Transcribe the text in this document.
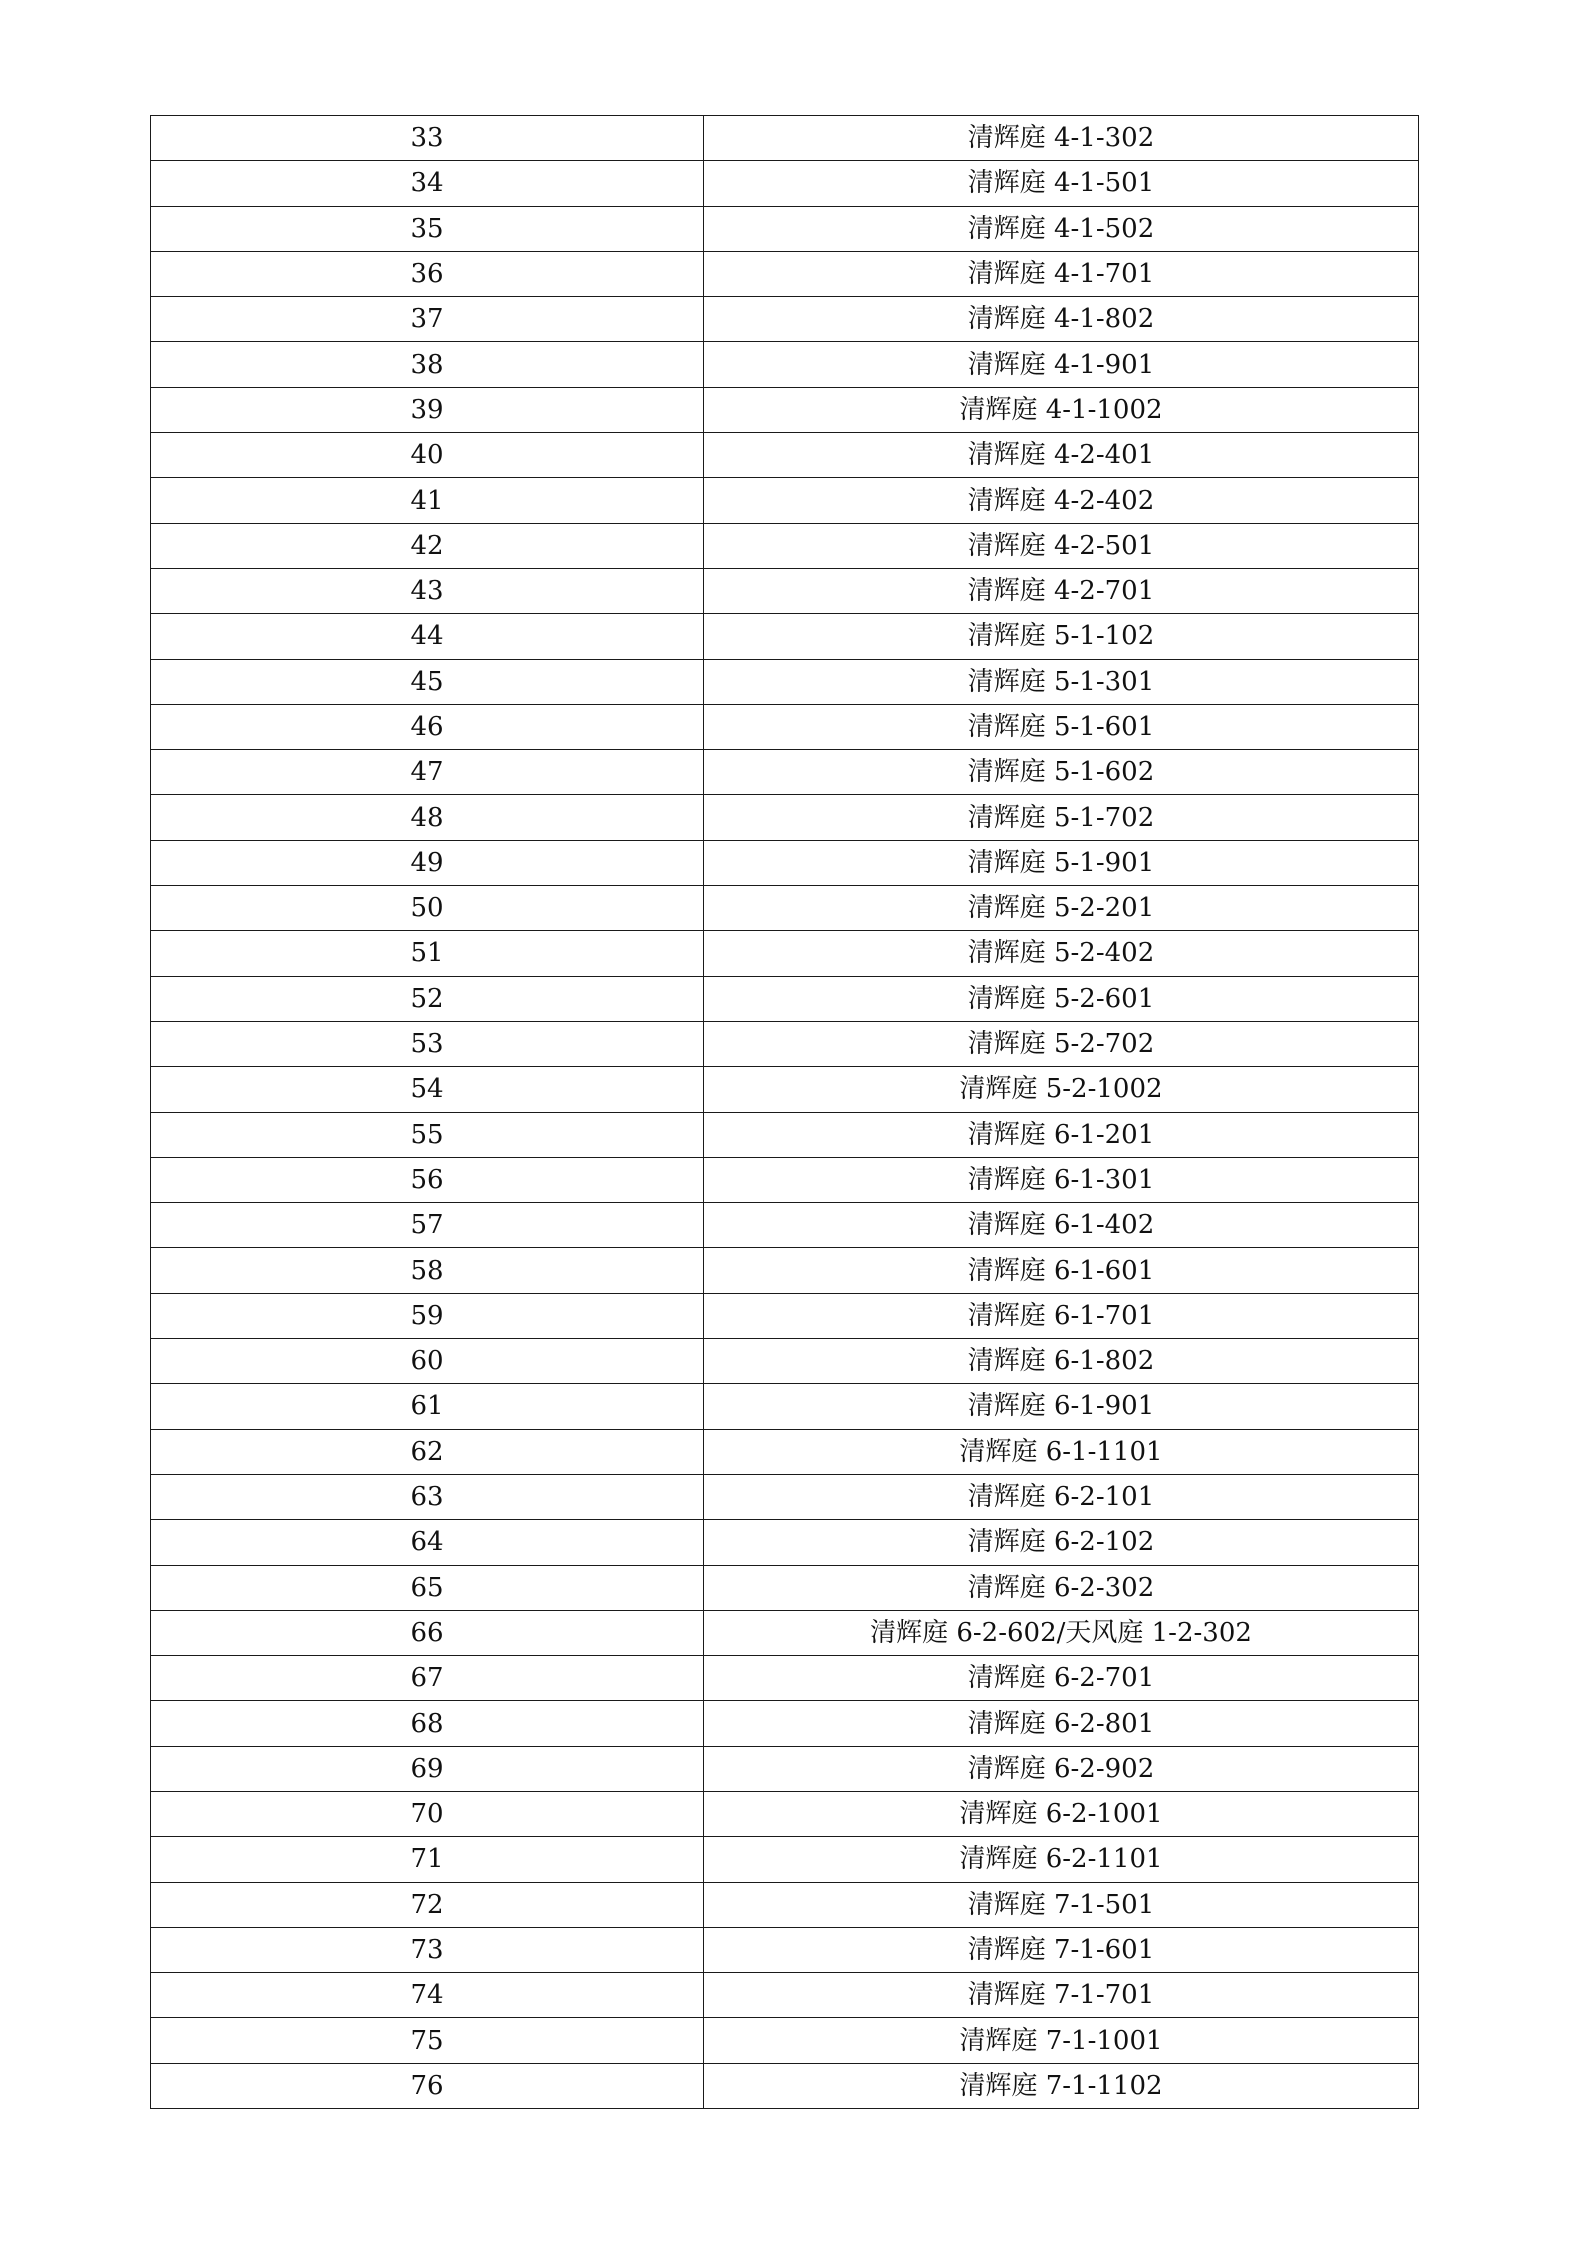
33	清辉庭 4-1-302
34	清辉庭 4-1-501
35	清辉庭 4-1-502
36	清辉庭 4-1-701
37	清辉庭 4-1-802
38	清辉庭 4-1-901
39	清辉庭 4-1-1002
40	清辉庭 4-2-401
41	清辉庭 4-2-402
42	清辉庭 4-2-501
43	清辉庭 4-2-701
44	清辉庭 5-1-102
45	清辉庭 5-1-301
46	清辉庭 5-1-601
47	清辉庭 5-1-602
48	清辉庭 5-1-702
49	清辉庭 5-1-901
50	清辉庭 5-2-201
51	清辉庭 5-2-402
52	清辉庭 5-2-601
53	清辉庭 5-2-702
54	清辉庭 5-2-1002
55	清辉庭 6-1-201
56	清辉庭 6-1-301
57	清辉庭 6-1-402
58	清辉庭 6-1-601
59	清辉庭 6-1-701
60	清辉庭 6-1-802
61	清辉庭 6-1-901
62	清辉庭 6-1-1101
63	清辉庭 6-2-101
64	清辉庭 6-2-102
65	清辉庭 6-2-302
66	清辉庭 6-2-602/天风庭 1-2-302
67	清辉庭 6-2-701
68	清辉庭 6-2-801
69	清辉庭 6-2-902
70	清辉庭 6-2-1001
71	清辉庭 6-2-1101
72	清辉庭 7-1-501
73	清辉庭 7-1-601
74	清辉庭 7-1-701
75	清辉庭 7-1-1001
76	清辉庭 7-1-1102
